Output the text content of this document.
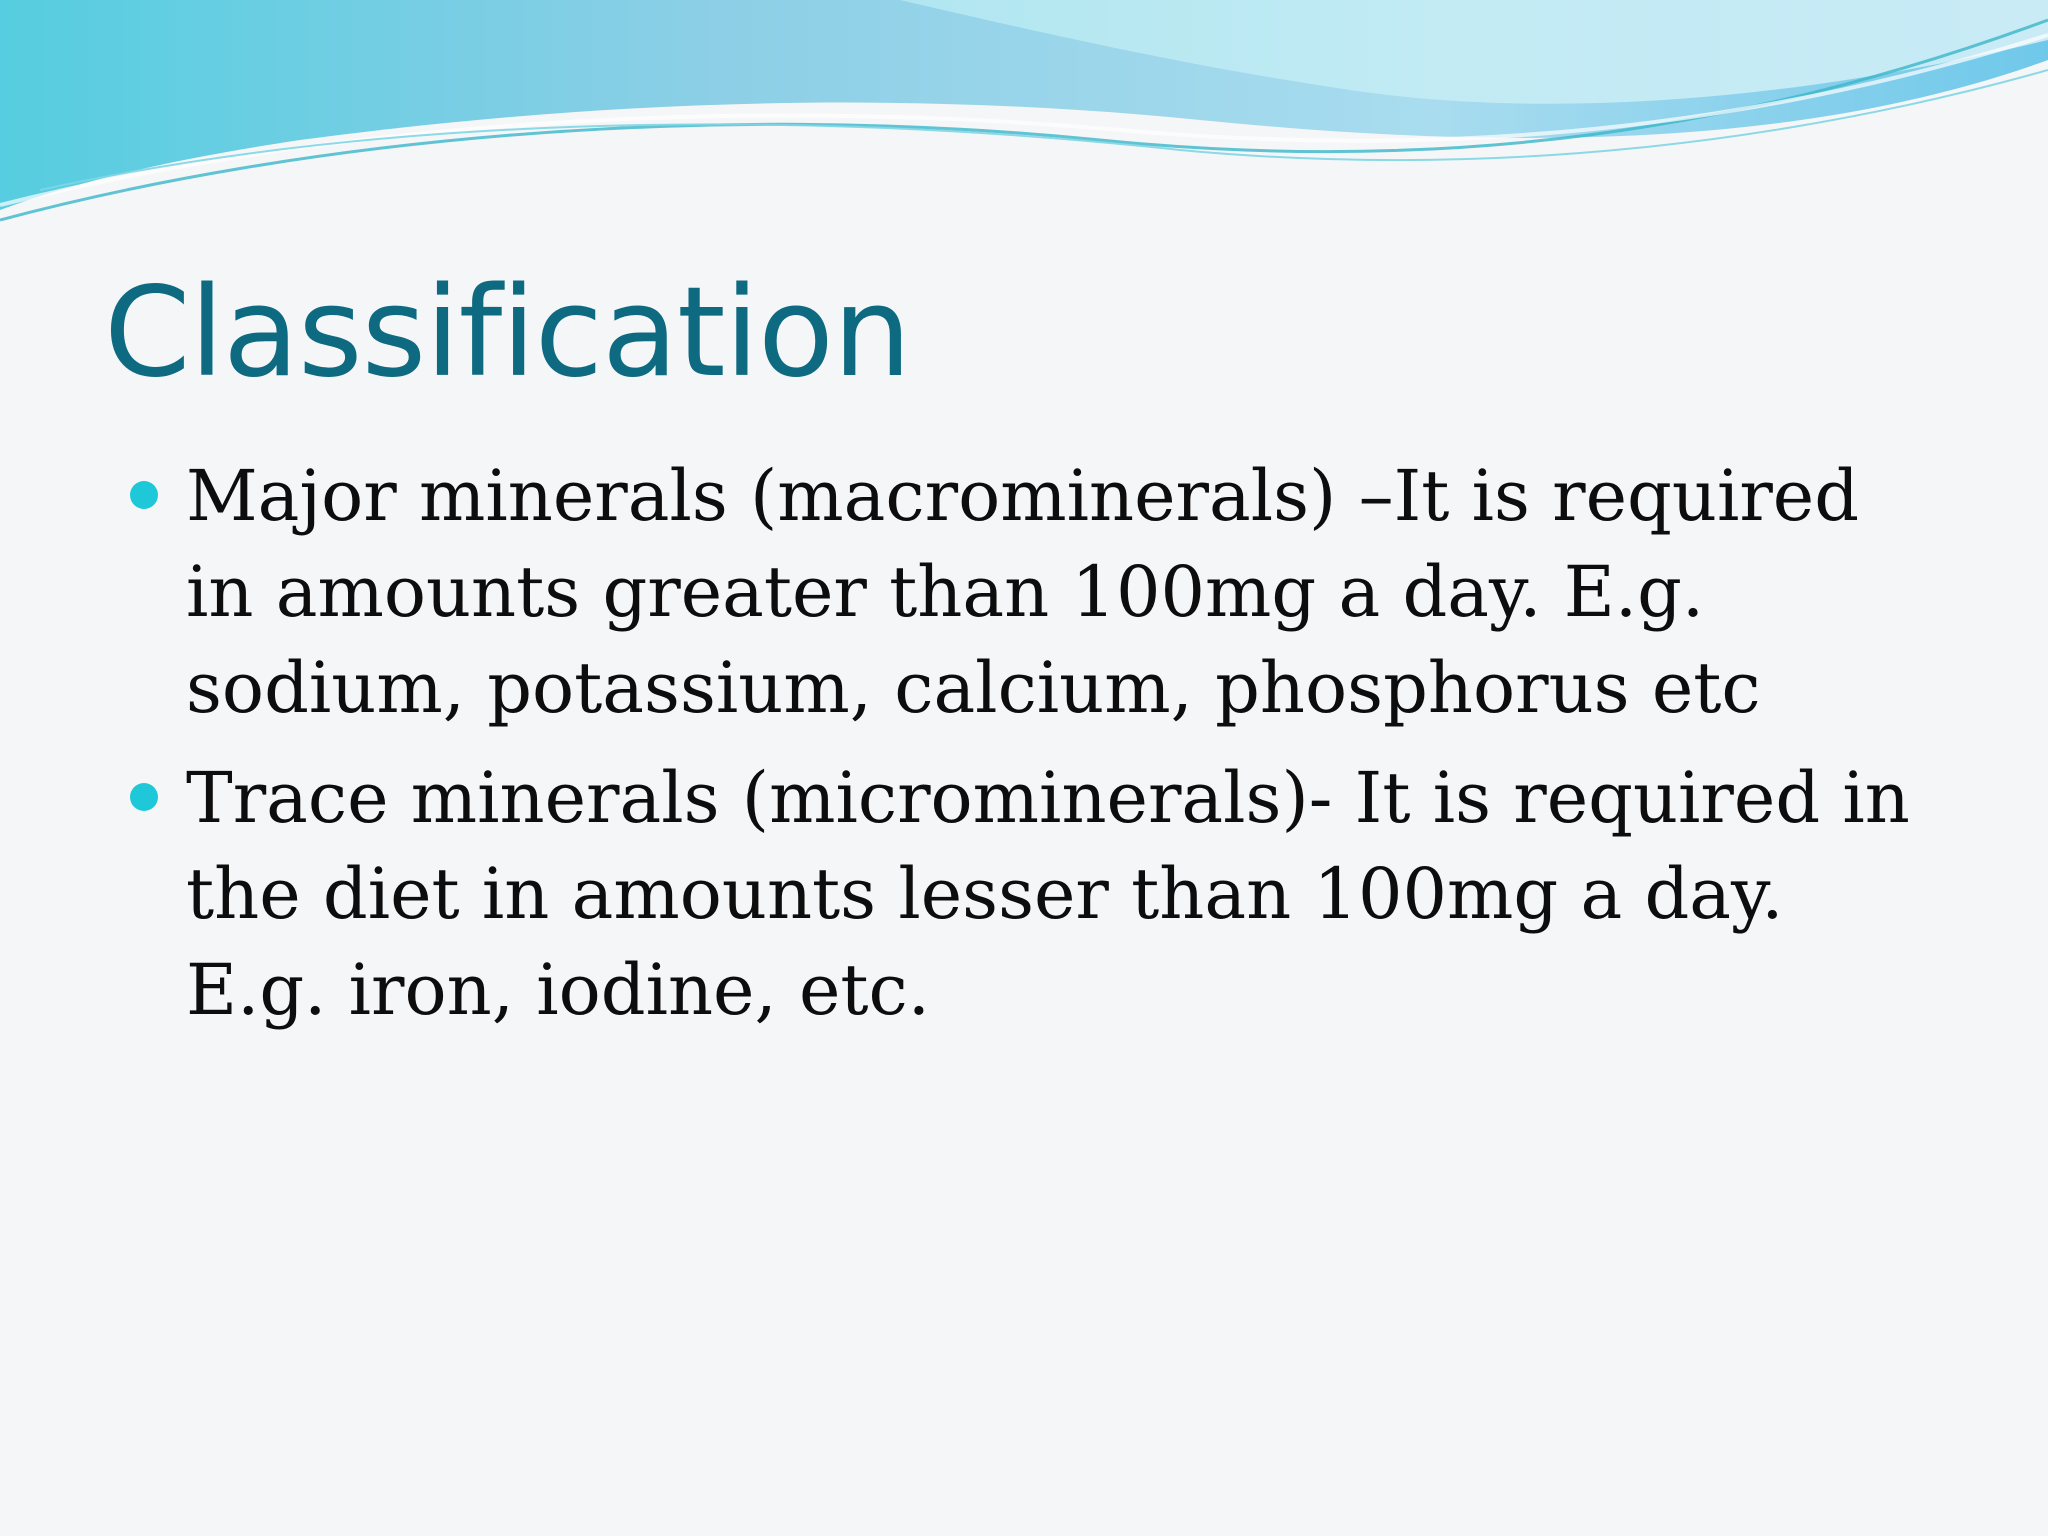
Classification
Major minerals (macrominerals) –It is required in amounts greater than 100mg a day. E.g. sodium, potassium, calcium, phosphorus etc
Trace minerals (microminerals)- It is required in the diet in amounts lesser than 100mg a day. E.g. iron, iodine, etc.
